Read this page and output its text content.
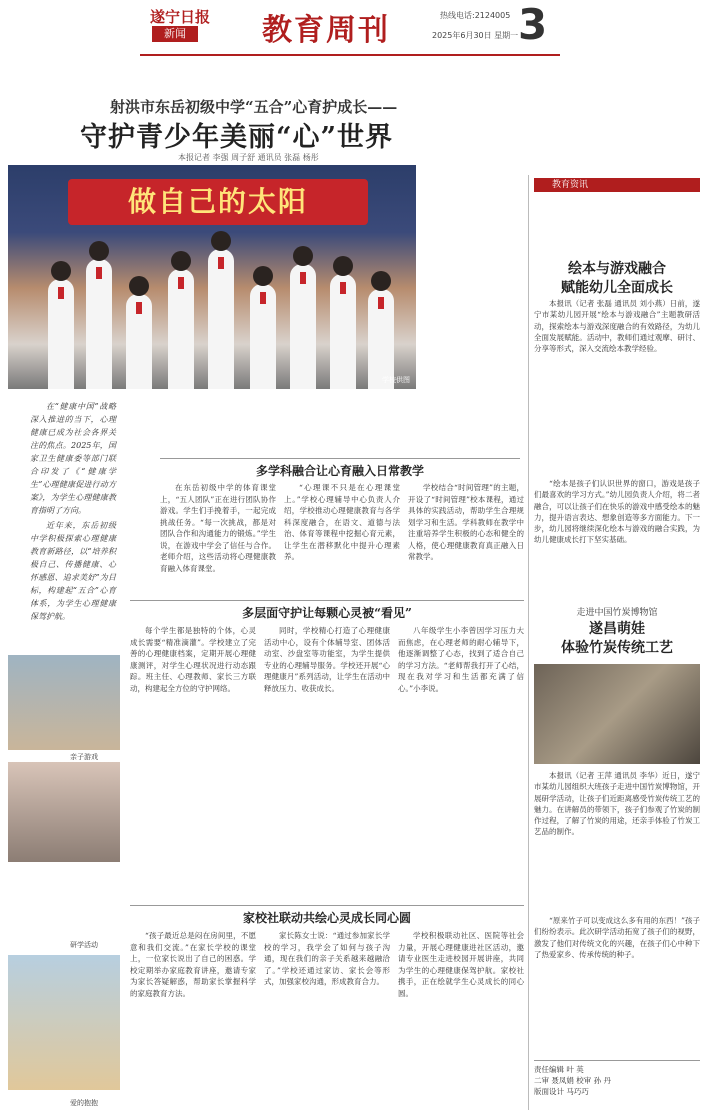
遂宁日报
新闻	教育周刊	热线电话:2124005
2025年6月30日 星期一 3
射洪市东岳初级中学“五合”心育护成长——
守护青少年美丽“心”世界
本报记者 李强 周子舒 通讯员 张磊 杨彤
做自己的太阳
学校供图

在“健康中国”战略深入推进的当下，心理健康已成为社会各界关注的焦点。2025年，国家卫生健康委等部门联合印发了《“健康学生”心理健康促进行动方案》，为学生心理健康教育指明了方向。

近年来，东岳初级中学积极探索心理健康教育新路径，以“培养积极自己、传播健康、心怀感恩、追求美好”为目标，构建起“五合”心育体系，为学生心理健康保驾护航。

亲子游戏
研学活动
爱的抱抱
多学科融合让心育融入日常教学

在东岳初级中学的体育课堂上，“五人团队”正在进行团队协作游戏。学生们手挽着手，一起完成挑战任务。“每一次挑战，都是对团队合作和沟通能力的锻炼。”学生说，在游戏中学会了信任与合作。老师介绍，这些活动将心理健康教育融入体育课堂。

“心理课不只是在心理课堂上。”学校心理辅导中心负责人介绍，学校推动心理健康教育与各学科深度融合，在语文、道德与法治、体育等课程中挖掘心育元素，让学生在潜移默化中提升心理素养。

学校结合“时间管理”的主题，开设了“时间管理”校本课程，通过具体的实践活动，帮助学生合理规划学习和生活。学科教师在教学中注重培养学生积极的心态和健全的人格，使心理健康教育真正融入日常教学。

多层面守护让每颗心灵被“看见”

每个学生都是独特的个体，心灵成长需要“精准滴灌”。学校建立了完善的心理健康档案，定期开展心理健康测评，对学生心理状况进行动态跟踪。班主任、心理教师、家长三方联动，构建起全方位的守护网络。

同时，学校精心打造了心理健康活动中心，设有个体辅导室、团体活动室、沙盘室等功能室，为学生提供专业的心理辅导服务。学校还开展“心理健康月”系列活动，让学生在活动中释放压力、收获成长。

八年级学生小李曾因学习压力大而焦虑，在心理老师的耐心辅导下，他逐渐调整了心态，找到了适合自己的学习方法。“老师帮我打开了心结，现在我对学习和生活都充满了信心。”小李说。

家校社联动共绘心灵成长同心圆

“孩子最近总是闷在房间里，不愿意和我们交流。”在家长学校的课堂上，一位家长说出了自己的困惑。学校定期举办家庭教育讲座，邀请专家为家长答疑解惑，帮助家长掌握科学的家庭教育方法。

家长陈女士说：“通过参加家长学校的学习，我学会了如何与孩子沟通，现在我们的亲子关系越来越融洽了。”学校还通过家访、家长会等形式，加强家校沟通，形成教育合力。

学校积极联动社区、医院等社会力量，开展心理健康进社区活动，邀请专业医生走进校园开展讲座，共同为学生的心理健康保驾护航。家校社携手，正在绘就学生心灵成长的同心圆。

教育资讯
绘本与游戏融合
赋能幼儿全面成长

本报讯（记者 张磊 通讯员 刘小燕）日前，遂宁市某幼儿园开展“绘本与游戏融合”主题教研活动，探索绘本与游戏深度融合的有效路径，为幼儿全面发展赋能。活动中，教师们通过观摩、研讨、分享等形式，深入交流绘本教学经验。

“绘本是孩子们认识世界的窗口，游戏是孩子们最喜欢的学习方式。”幼儿园负责人介绍，将二者融合，可以让孩子们在快乐的游戏中感受绘本的魅力，提升语言表达、想象创造等多方面能力。下一步，幼儿园将继续深化绘本与游戏的融合实践，为幼儿健康成长打下坚实基础。

走进中国竹炭博物馆
遂昌萌娃
体验竹炭传统工艺

本报讯（记者 王萍 通讯员 李华）近日，遂宁市某幼儿园组织大班孩子走进中国竹炭博物馆，开展研学活动，让孩子们近距离感受竹炭传统工艺的魅力。在讲解员的带领下，孩子们参观了竹炭的制作过程，了解了竹炭的用途，还亲手体验了竹炭工艺品的制作。

“原来竹子可以变成这么多有用的东西！”孩子们纷纷表示。此次研学活动拓宽了孩子们的视野，激发了他们对传统文化的兴趣，在孩子们心中种下了热爱家乡、传承传统的种子。

责任编辑 叶 英
二审 聂凤娟 校审 孙 丹
版面设计 马巧巧
